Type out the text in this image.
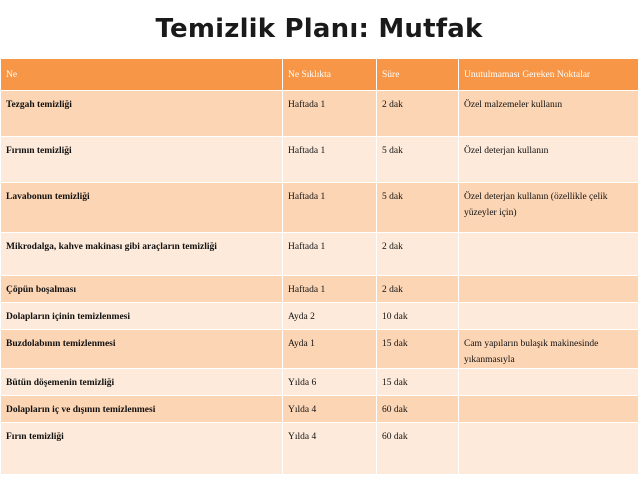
Temizlik Planı: Mutfak
Ne	Ne Sıklıkta	Süre	Unutulmaması Gereken Noktalar
Tezgah temizliği	Haftada 1	2 dak	Özel malzemeler kullanın
Fırının temizliği	Haftada 1	5 dak	Özel deterjan kullanın
Lavabonun temizliği	Haftada 1	5 dak	Özel deterjan kullanın (özellikle çelik yüzeyler için)
Mikrodalga, kahve makinası gibi araçların temizliği	Haftada 1	2 dak	
Çöpün boşalması	Haftada 1	2 dak	
Dolapların içinin temizlenmesi	Ayda 2	10 dak	
Buzdolabının temizlenmesi	Ayda 1	15 dak	Cam yapıların bulaşık makinesinde yıkanmasıyla
Bütün döşemenin temizliği	Yılda 6	15 dak	
Dolapların iç ve dışının temizlenmesi	Yılda 4	60 dak	
Fırın temizliği	Yılda 4	60 dak	
